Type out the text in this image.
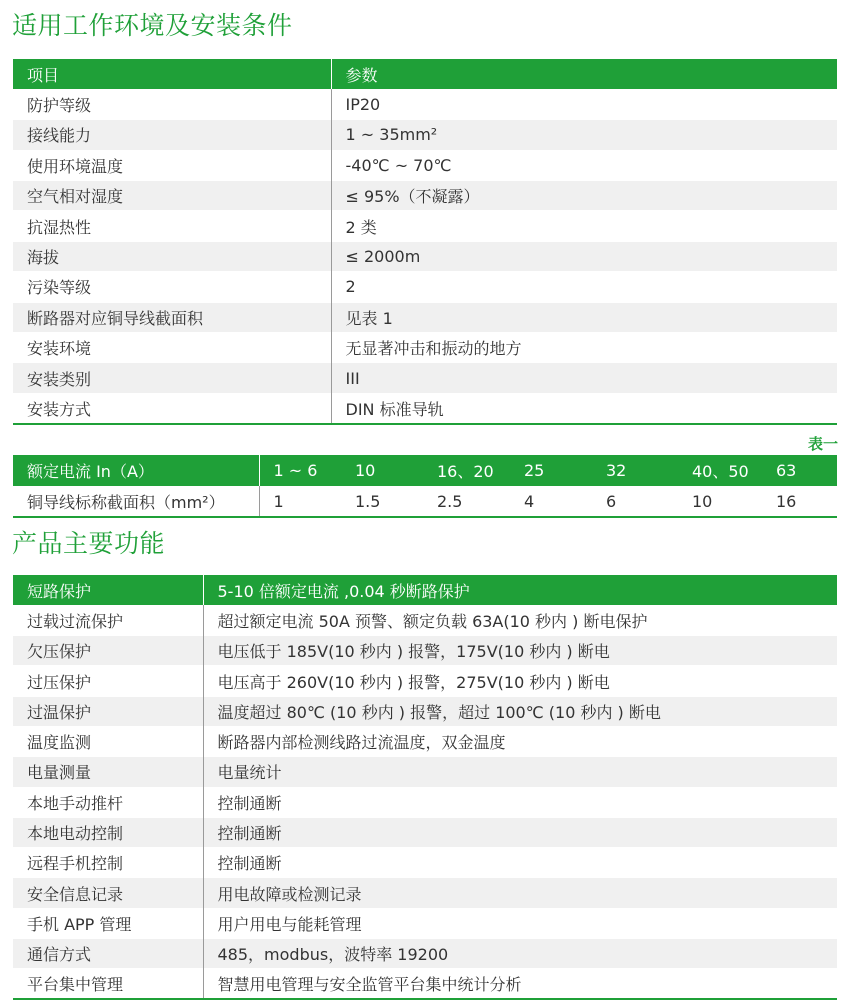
适用工作环境及安装条件
项目	参数
防护等级	IP20
接线能力	1 ~ 35mm²
使用环境温度	-40℃ ~ 70℃
空气相对湿度	≤ 95%（不凝露）
抗湿热性	2 类
海拔	≤ 2000m
污染等级	2
断路器对应铜导线截面积	见表 1
安装环境	无显著冲击和振动的地方
安装类别	III
安装方式	DIN 标准导轨
表一
额定电流 In（A）	1 ~ 6	10	16、20	25	32	40、50	63
铜导线标称截面积（mm²）	1	1.5	2.5	4	6	10	16
产品主要功能
短路保护	5-10 倍额定电流 ,0.04 秒断路保护
过载过流保护	超过额定电流 50A 预警、额定负载 63A(10 秒内 ) 断电保护
欠压保护	电压低于 185V(10 秒内 ) 报警，175V(10 秒内 ) 断电
过压保护	电压高于 260V(10 秒内 ) 报警，275V(10 秒内 ) 断电
过温保护	温度超过 80℃ (10 秒内 ) 报警，超过 100℃ (10 秒内 ) 断电
温度监测	断路器内部检测线路过流温度，双金温度
电量测量	电量统计
本地手动推杆	控制通断
本地电动控制	控制通断
远程手机控制	控制通断
安全信息记录	用电故障或检测记录
手机 APP 管理	用户用电与能耗管理
通信方式	485，modbus，波特率 19200
平台集中管理	智慧用电管理与安全监管平台集中统计分析
